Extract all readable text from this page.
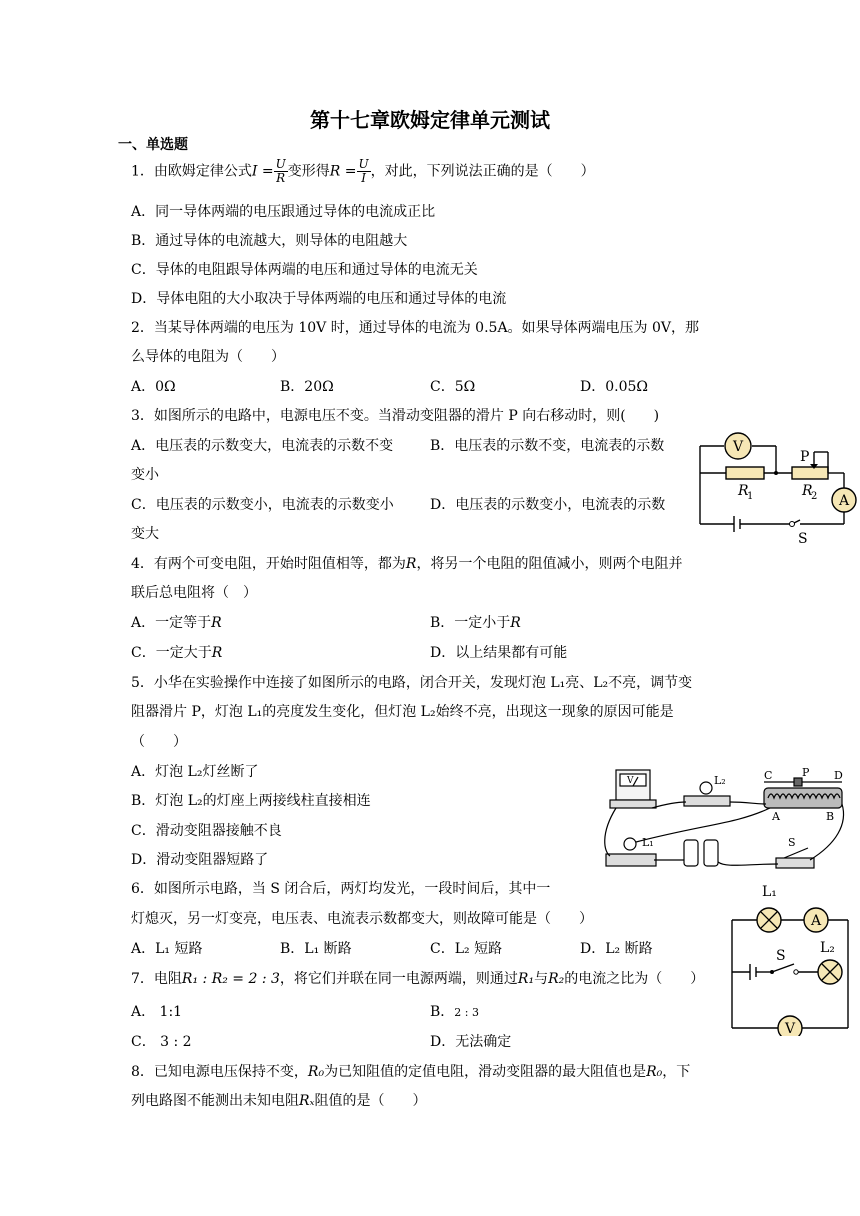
第十七章欧姆定律单元测试
一、单选题
1．由欧姆定律公式$I = \frac{U}{R}$ 变形得$R = \frac{U}{I}$ ，对此，下列说法正确的是（　　）
A．同一导体两端的电压跟通过导体的电流成正比
B．通过导体的电流越大，则导体的电阻越大
C．导体的电阻跟导体两端的电压和通过导体的电流无关
D．导体电阻的大小取决于导体两端的电压和通过导体的电流
2．当某导体两端的电压为 10V 时，通过导体的电流为 0.5A。如果导体两端电压为 0V，那
么导体的电阻为（　　）
A．0Ω	B．20Ω	C．5Ω	D．0.05Ω
3．如图所示的电路中，电源电压不变。当滑动变阻器的滑片 P 向右移动时，则(　　)
A．电压表的示数变大，电流表的示数不变	B．电压表的示数不变，电流表的示数
变小
C．电压表的示数变小，电流表的示数变小	D．电压表的示数变小，电流表的示数
变大
V
A
P
R
1	R
2
S
4．有两个可变电阻，开始时阻值相等，都为R，将另一个电阻的阻值减小，则两个电阻并
联后总电阻将（　）
A．一定等于R	B．一定小于R
C．一定大于R	D．以上结果都有可能
5．小华在实验操作中连接了如图所示的电路，闭合开关，发现灯泡 L₁亮、L₂不亮，调节变
阻器滑片 P，灯泡 L₁的亮度发生变化，但灯泡 L₂始终不亮，出现这一现象的原因可能是
（　　）
A．灯泡 L₂灯丝断了
B．灯泡 L₂的灯座上两接线柱直接相连
C．滑动变阻器接触不良
D．滑动变阻器短路了
V	L₂	C	P D
A	B
L₁	S
6．如图所示电路，当 S 闭合后，两灯均发光，一段时间后，其中一
灯熄灭，另一灯变亮，电压表、电流表示数都变大，则故障可能是（　　）
A．L₁ 短路	B．L₁ 断路	C．L₂ 短路	D．L₂ 断路
A
V
L₁
S L₂
7．电阻R₁ : R₂ = 2 : 3，将它们并联在同一电源两端，则通过R₁与R₂的电流之比为（　　）
A． 1:1	B．2 : 3
C． 3 : 2	D．无法确定
8．已知电源电压保持不变，R₀为已知阻值的定值电阻，滑动变阻器的最大阻值也是R₀，下
列电路图不能测出未知电阻Rₓ阻值的是（　　）
